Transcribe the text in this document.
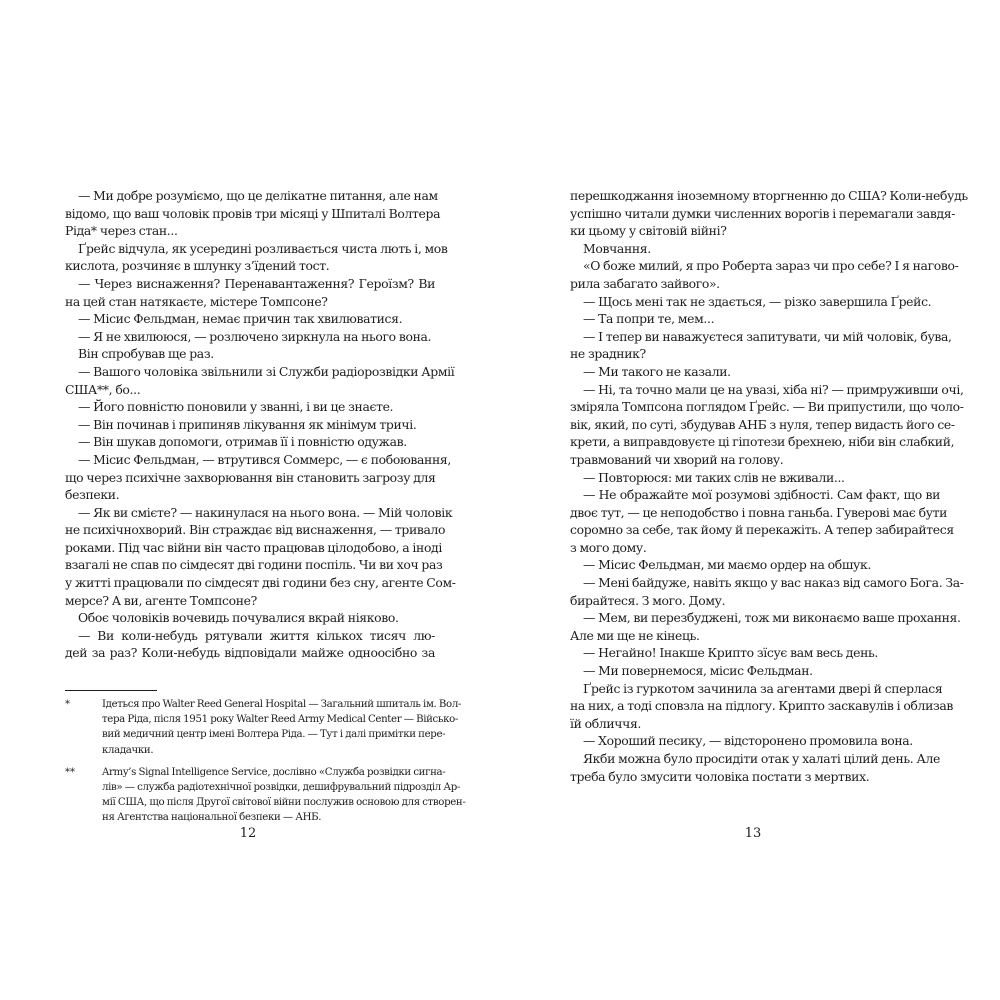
— Ми добре розуміємо, що це делікатне питання, але нам
відомо, що ваш чоловік провів три місяці у Шпиталі Волтера
Ріда* через стан...
Ґрейс відчула, як усередині розливається чиста лють і, мов
кислота, розчиняє в шлунку з’їдений тост.
— Через виснаження? Перенавантаження? Героїзм? Ви
на цей стан натякаєте, містере Томпсоне?
— Місис Фельдман, немає причин так хвилюватися.
— Я не хвилююся, — розлючено зиркнула на нього вона.
Він спробував ще раз.
— Вашого чоловіка звільнили зі Служби радіорозвідки Армії
США**, бо...
— Його повністю поновили у званні, і ви це знаєте.
— Він починав і припиняв лікування як мінімум тричі.
— Він шукав допомоги, отримав її і повністю одужав.
— Місис Фельдман, — втрутився Соммерс, — є побоювання,
що через психічне захворювання він становить загрозу для
безпеки.
— Як ви смієте? — накинулася на нього вона. — Мій чоловік
не психічнохворий. Він страждає від виснаження, — тривало
роками. Під час війни він часто працював цілодобово, а іноді
взагалі не спав по сімдесят дві години поспіль. Чи ви хоч раз
у житті працювали по сімдесят дві години без сну, агенте Сом-
мерсе? А ви, агенте Томпсоне?
Обоє чоловіків вочевидь почувалися вкрай ніяково.
— Ви коли-небудь рятували життя кількох тисяч лю-
дей за раз? Коли-небудь відповідали майже одноосібно за
*	Ідеться про Walter Reed General Hospital — Загальний шпиталь ім. Вол-
тера Ріда, після 1951 року Walter Reed Army Medical Center — Військо-
вий медичний центр імені Волтера Ріда. — Тут і далі примітки пере-
кладачки.
**	Army’s Signal Intelligence Service, дослівно «Служба розвідки сигна-
лів» — служба радіотехнічної розвідки, дешифрувальний підрозділ Ар-
мії США, що після Другої світової війни послужив основою для створен-
ня Агентства національної безпеки — АНБ.
12
перешкоджання іноземному вторгненню до США? Коли-небудь
успішно читали думки численних ворогів і перемагали завдя-
ки цьому у світовій війні?
Мовчання.
«О боже милий, я про Роберта зараз чи про себе? І я нагово-
рила забагато зайвого».
— Щось мені так не здається, — різко завершила Ґрейс.
— Та попри те, мем...
— І тепер ви наважуєтеся запитувати, чи мій чоловік, бува,
не зрадник?
— Ми такого не казали.
— Ні, та точно мали це на увазі, хіба ні? — примруживши очі,
зміряла Томпсона поглядом Ґрейс. — Ви припустили, що чоло-
вік, який, по суті, збудував АНБ з нуля, тепер видасть його се-
крети, а виправдовуєте ці гіпотези брехнею, ніби він слабкий,
травмований чи хворий на голову.
— Повторюся: ми таких слів не вживали...
— Не ображайте мої розумові здібності. Сам факт, що ви
двоє тут, — це неподобство і повна ганьба. Гуверові має бути
соромно за себе, так йому й перекажіть. А тепер забирайтеся
з мого дому.
— Місис Фельдман, ми маємо ордер на обшук.
— Мені байдуже, навіть якщо у вас наказ від самого Бога. За-
бирайтеся. З мого. Дому.
— Мем, ви перезбуджені, тож ми виконаємо ваше прохання.
Але ми ще не кінець.
— Негайно! Інакше Крипто зїсує вам весь день.
— Ми повернемося, місис Фельдман.
Ґрейс із гуркотом зачинила за агентами двері й сперлася
на них, а тоді сповзла на підлогу. Крипто заскавулів і облизав
їй обличчя.
— Хороший песику, — відсторонено промовила вона.
Якби можна було просидіти отак у халаті цілий день. Але
треба було змусити чоловіка постати з мертвих.
13
